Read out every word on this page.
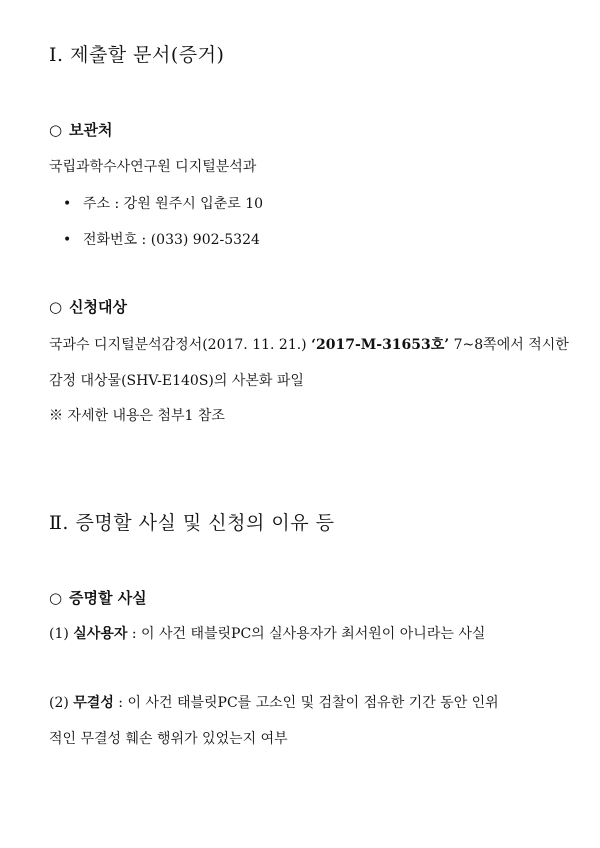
Ⅰ. 제출할 문서(증거)
○ 보관처
국립과학수사연구원 디지털분석과
• 주소 : 강원 원주시 입춘로 10
• 전화번호 : (033) 902-5324
○ 신청대상
국과수 디지털분석감정서(2017. 11. 21.) ‘2017-M-31653호’ 7~8쪽에서 적시한
감정 대상물(SHV-E140S)의 사본화 파일
※ 자세한 내용은 첨부1 참조
Ⅱ. 증명할 사실 및 신청의 이유 등
○ 증명할 사실
(1) 실사용자 : 이 사건 태블릿PC의 실사용자가 최서원이 아니라는 사실
(2) 무결성 : 이 사건 태블릿PC를 고소인 및 검찰이 점유한 기간 동안 인위
적인 무결성 훼손 행위가 있었는지 여부
